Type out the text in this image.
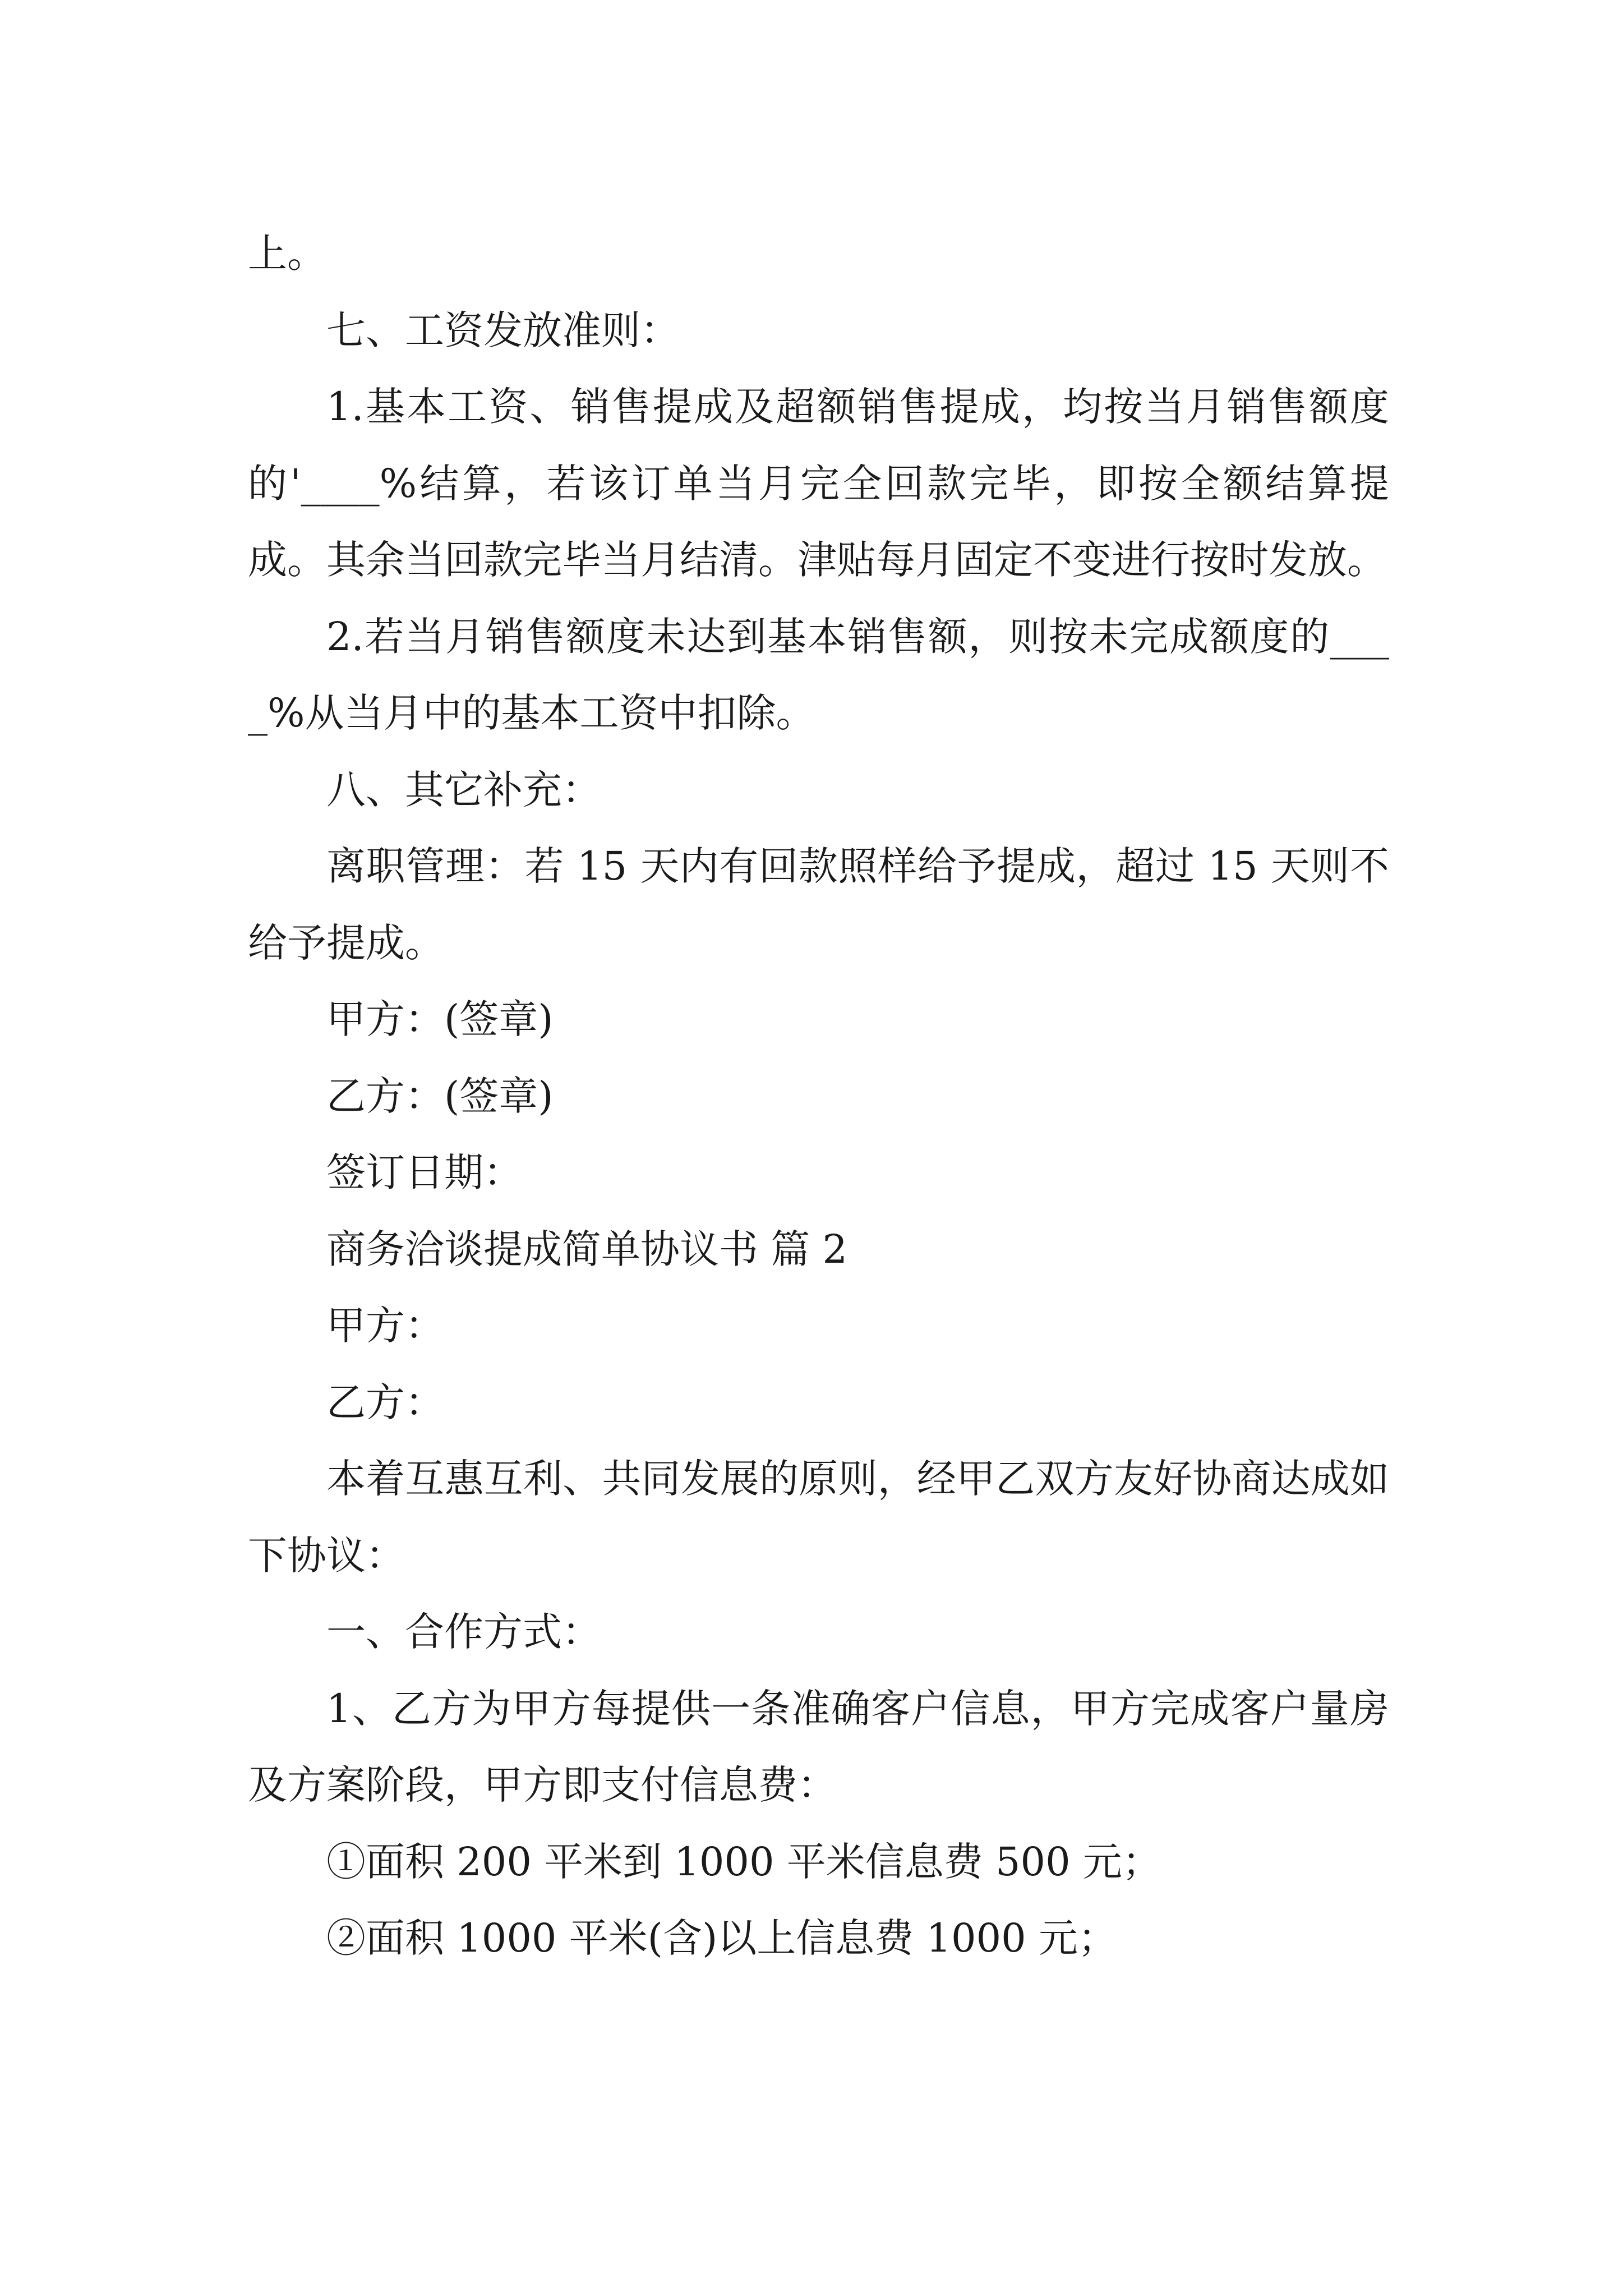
上。

七、工资发放准则：

1.基本工资、销售提成及超额销售提成，均按当月销售额度的'____%结算，若该订单当月完全回款完毕，即按全额结算提成。其余当回款完毕当月结清。津贴每月固定不变进行按时发放。

2.若当月销售额度未达到基本销售额，则按未完成额度的____%从当月中的基本工资中扣除。

八、其它补充：

离职管理：若 15 天内有回款照样给予提成，超过 15 天则不给予提成。

甲方：(签章)

乙方：(签章)

签订日期：

商务洽谈提成简单协议书 篇 2

甲方：

乙方：

本着互惠互利、共同发展的原则，经甲乙双方友好协商达成如下协议：

一、合作方式：

1、乙方为甲方每提供一条准确客户信息，甲方完成客户量房及方案阶段，甲方即支付信息费：

①面积 200 平米到 1000 平米信息费 500 元；

②面积 1000 平米(含)以上信息费 1000 元；
